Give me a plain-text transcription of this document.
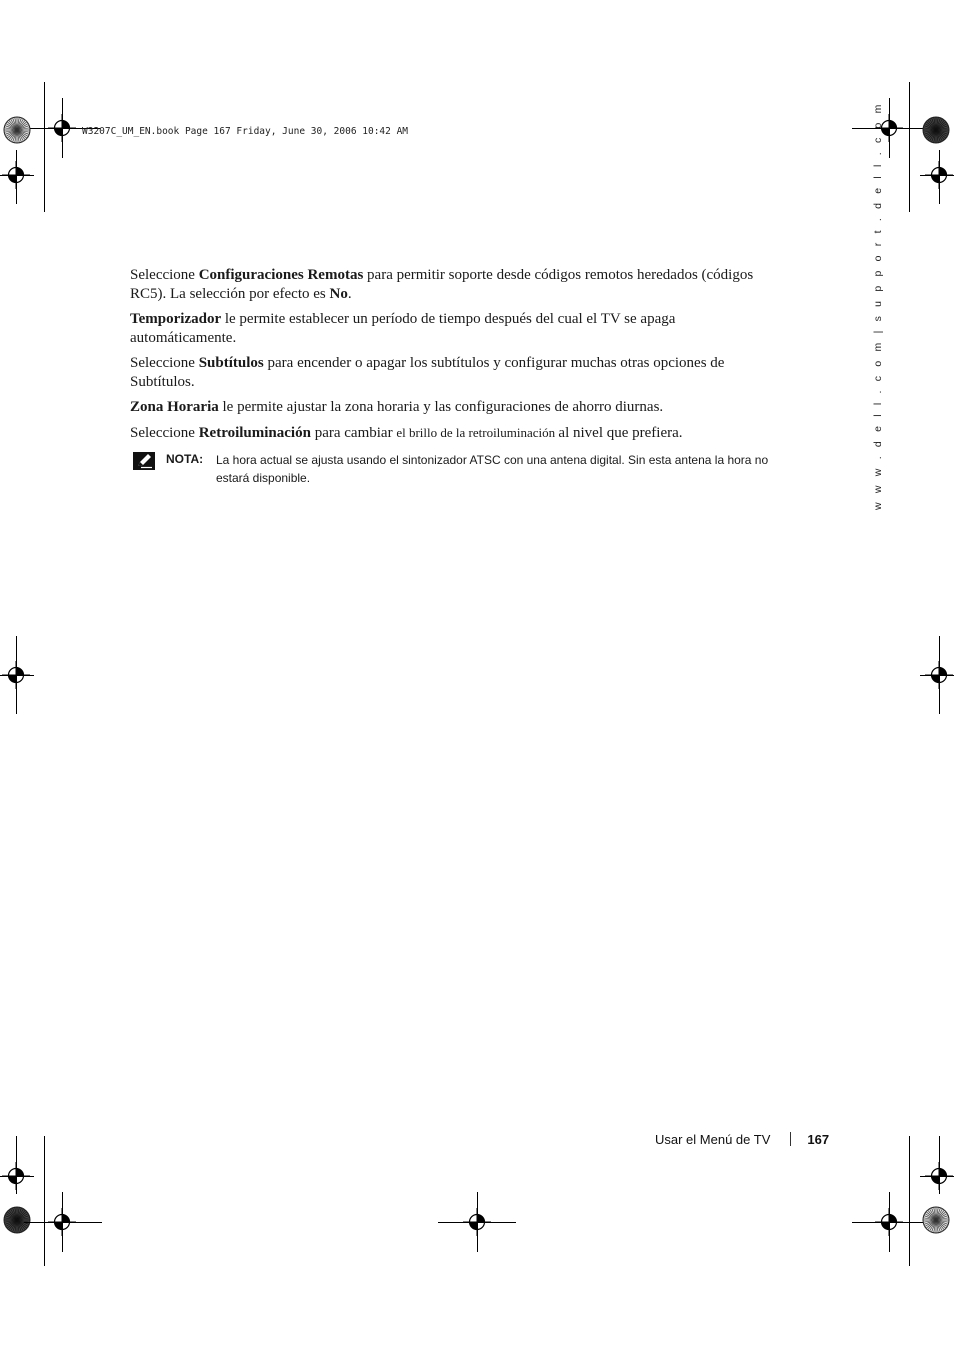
W3207C_UM_EN.book Page 167 Friday, June 30, 2006 10:42 AM	w w w . d e l l . c o m | s u p p o r t . d e l l . c o m

Seleccione Configuraciones Remotas para permitir soporte desde códigos remotos heredados (códigos RC5). La selección por efecto es No.

Temporizador le permite establecer un período de tiempo después del cual el TV se apaga automáticamente.

Seleccione Subtítulos para encender o apagar los subtítulos y configurar muchas otras opciones de Subtítulos.

Zona Horaria le permite ajustar la zona horaria y las configuraciones de ahorro diurnas.

Seleccione Retroiluminación para cambiar el brillo de la retroiluminación al nivel que prefiera.

NOTA: La hora actual se ajusta usando el sintonizador ATSC con una antena digital. Sin esta antena la hora no estará disponible.
Usar el Menú de TV	167
